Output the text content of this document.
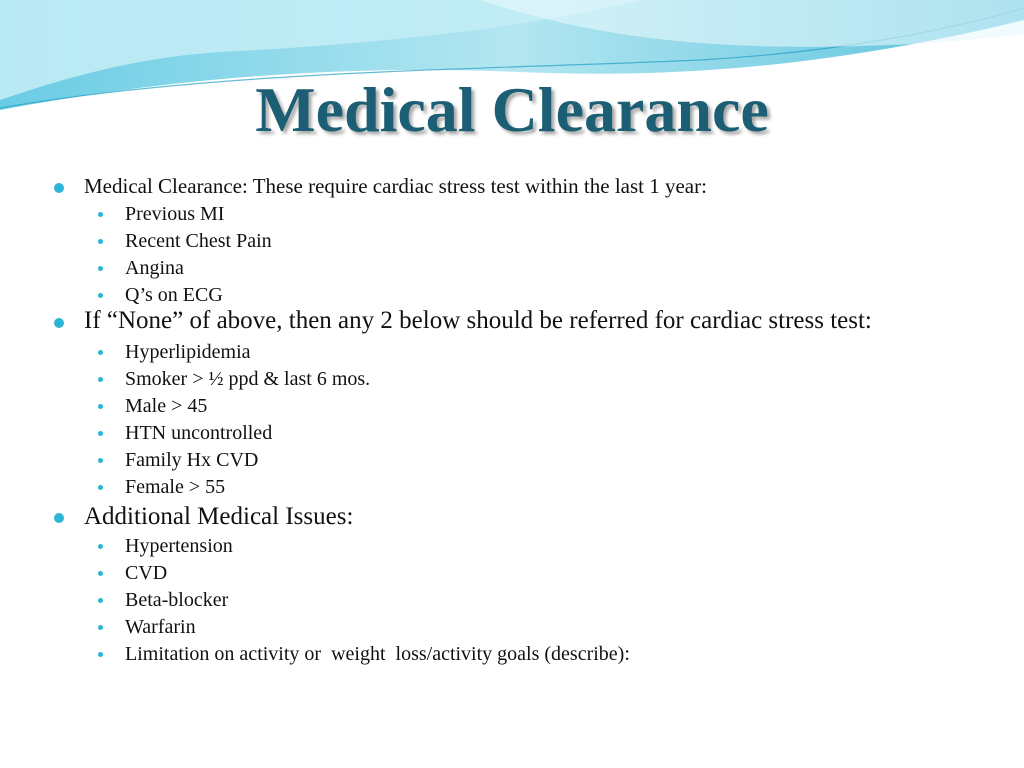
Medical Clearance
Medical Clearance: These require cardiac stress test within the last 1 year:
Previous MI
Recent Chest Pain
Angina
Q’s on ECG
If “None” of above, then any 2 below should be referred for cardiac stress test:
Hyperlipidemia
Smoker > ½ ppd & last 6 mos.
Male > 45
HTN uncontrolled
Family Hx CVD
Female > 55
Additional Medical Issues:
Hypertension
CVD
Beta-blocker
Warfarin
Limitation on activity or  weight  loss/activity goals (describe):
